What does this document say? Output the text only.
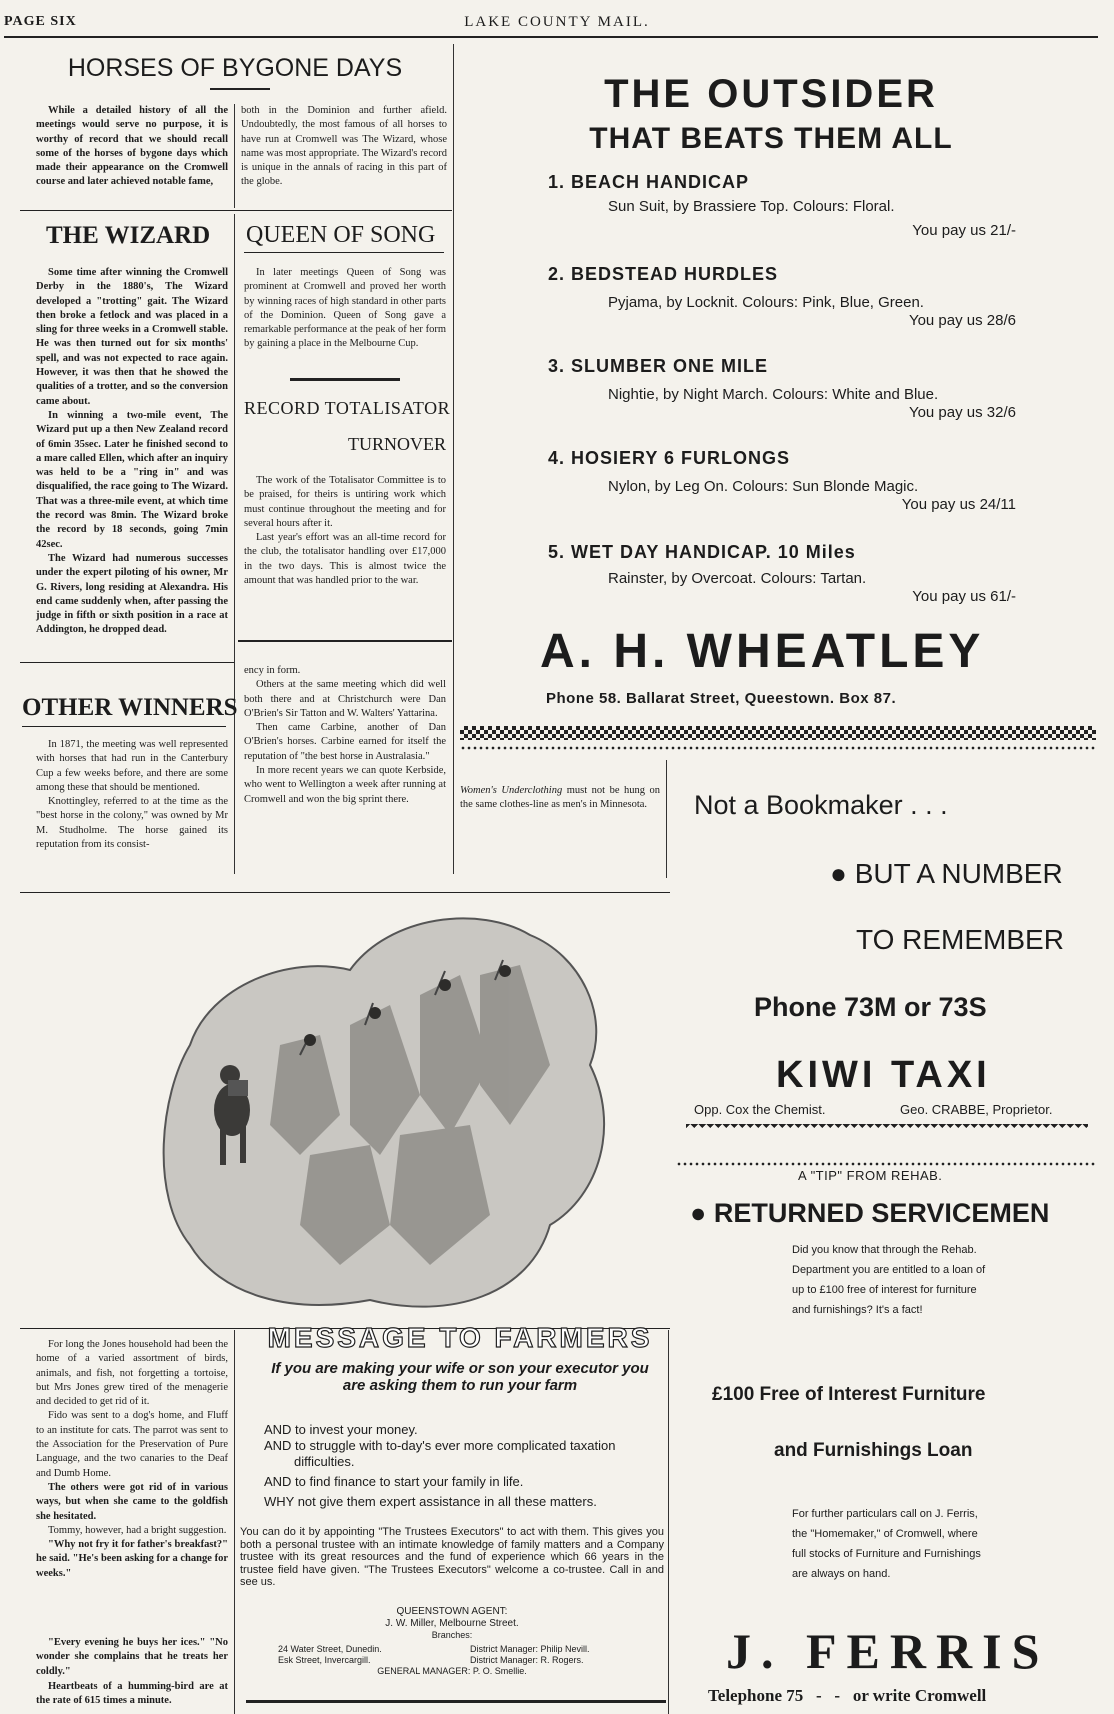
PAGE SIX	LAKE COUNTY MAIL.
HORSES OF BYGONE DAYS

While a detailed history of all the meetings would serve no purpose, it is worthy of record that we should recall some of the horses of bygone days which made their appearance on the Cromwell course and later achieved notable fame,

both in the Dominion and further afield. Undoubtedly, the most famous of all horses to have run at Cromwell was The Wizard, whose name was most appropriate. The Wizard's record is unique in the annals of racing in this part of the globe.

THE WIZARD

Some time after winning the Cromwell Derby in the 1880's, The Wizard developed a "trotting" gait. The Wizard then broke a fetlock and was placed in a sling for three weeks in a Cromwell stable. He was then turned out for six months' spell, and was not expected to race again. However, it was then that he showed the qualities of a trotter, and so the conversion came about.

In winning a two-mile event, The Wizard put up a then New Zealand record of 6min 35sec. Later he finished second to a mare called Ellen, which after an inquiry was held to be a "ring in" and was disqualified, the race going to The Wizard. That was a three-mile event, at which time the record was 8min. The Wizard broke the record by 18 seconds, going 7min 42sec.

The Wizard had numerous successes under the expert piloting of his owner, Mr G. Rivers, long residing at Alexandra. His end came suddenly when, after passing the judge in fifth or sixth position in a race at Addington, he dropped dead.

QUEEN OF SONG

In later meetings Queen of Song was prominent at Cromwell and proved her worth by winning races of high standard in other parts of the Dominion. Queen of Song gave a remarkable performance at the peak of her form by gaining a place in the Melbourne Cup.

RECORD TOTALISATOR
TURNOVER

The work of the Totalisator Committee is to be praised, for theirs is untiring work which must continue throughout the meeting and for several hours after it.

Last year's effort was an all-time record for the club, the totalisator handling over £17,000 in the two days. This is almost twice the amount that was handled prior to the war.

OTHER WINNERS

In 1871, the meeting was well represented with horses that had run in the Canterbury Cup a few weeks before, and there are some among these that should be mentioned.

Knottingley, referred to at the time as the "best horse in the colony," was owned by Mr M. Studholme. The horse gained its reputation from its consist-

ency in form.

Others at the same meeting which did well both there and at Christchurch were Dan O'Brien's Sir Tatton and W. Walters' Yattarina.

Then came Carbine, another of Dan O'Brien's horses. Carbine earned for itself the reputation of "the best horse in Australasia."

In more recent years we can quote Kerbside, who went to Wellington a week after running at Cromwell and won the big sprint there.

Women's Underclothing must not be hung on the same clothes-line as men's in Minnesota.
THE OUTSIDER
THAT BEATS THEM ALL
1. BEACH HANDICAP
Sun Suit, by Brassiere Top. Colours: Floral.
You pay us 21/-
2. BEDSTEAD HURDLES
Pyjama, by Locknit. Colours: Pink, Blue, Green.
You pay us 28/6
3. SLUMBER ONE MILE
Nightie, by Night March. Colours: White and Blue.
You pay us 32/6
4. HOSIERY 6 FURLONGS
Nylon, by Leg On. Colours: Sun Blonde Magic.
You pay us 24/11
5. WET DAY HANDICAP. 10 Miles
Rainster, by Overcoat. Colours: Tartan.
You pay us 61/-
A. H. WHEATLEY
Phone 58. Ballarat Street, Queestown. Box 87.
Not a Bookmaker . . .
● BUT A NUMBER
TO REMEMBER
Phone 73M or 73S
KIWI TAXI
Opp. Cox the Chemist.	Geo. CRABBE, Proprietor.

For long the Jones household had been the home of a varied assortment of birds, animals, and fish, not forgetting a tortoise, but Mrs Jones grew tired of the menagerie and decided to get rid of it.

Fido was sent to a dog's home, and Fluff to an institute for cats. The parrot was sent to the Association for the Preservation of Pure Language, and the two canaries to the Deaf and Dumb Home.

The others were got rid of in various ways, but when she came to the goldfish she hesitated.

Tommy, however, had a bright suggestion.

"Why not fry it for father's breakfast?" he said. "He's been asking for a change for weeks."

"Every evening he buys her ices." "No wonder she complains that he treats her coldly."

Heartbeats of a humming-bird are at the rate of 615 times a minute.

MESSAGE TO FARMERS
If you are making your wife or son your executor you are asking them to run your farm
AND to invest your money.
AND to struggle with to-day's ever more complicated taxation difficulties.
AND to find finance to start your family in life.
WHY not give them expert assistance in all these matters.
You can do it by appointing "The Trustees Executors" to act with them. This gives you both a personal trustee with an intimate knowledge of family matters and a Company trustee with its great resources and the fund of experience which 66 years in the trustee field have given. "The Trustees Executors" welcome a co-trustee. Call in and see us.
QUEENSTOWN AGENT:
J. W. Miller, Melbourne Street.
Branches:
24 Water Street, Dunedin.
Esk Street, Invercargill.
District Manager: Philip Nevill.
District Manager: R. Rogers.
GENERAL MANAGER: P. O. Smellie.
A "TIP" FROM REHAB.
● RETURNED SERVICEMEN
Did you know that through the Rehab. Department you are entitled to a loan of up to £100 free of interest for furniture and furnishings? It's a fact!
£100 Free of Interest Furniture
and Furnishings Loan
For further particulars call on J. Ferris, the "Homemaker," of Cromwell, where full stocks of Furniture and Furnishings are always on hand.
J. FERRIS
Telephone 75   -   -   or write Cromwell
